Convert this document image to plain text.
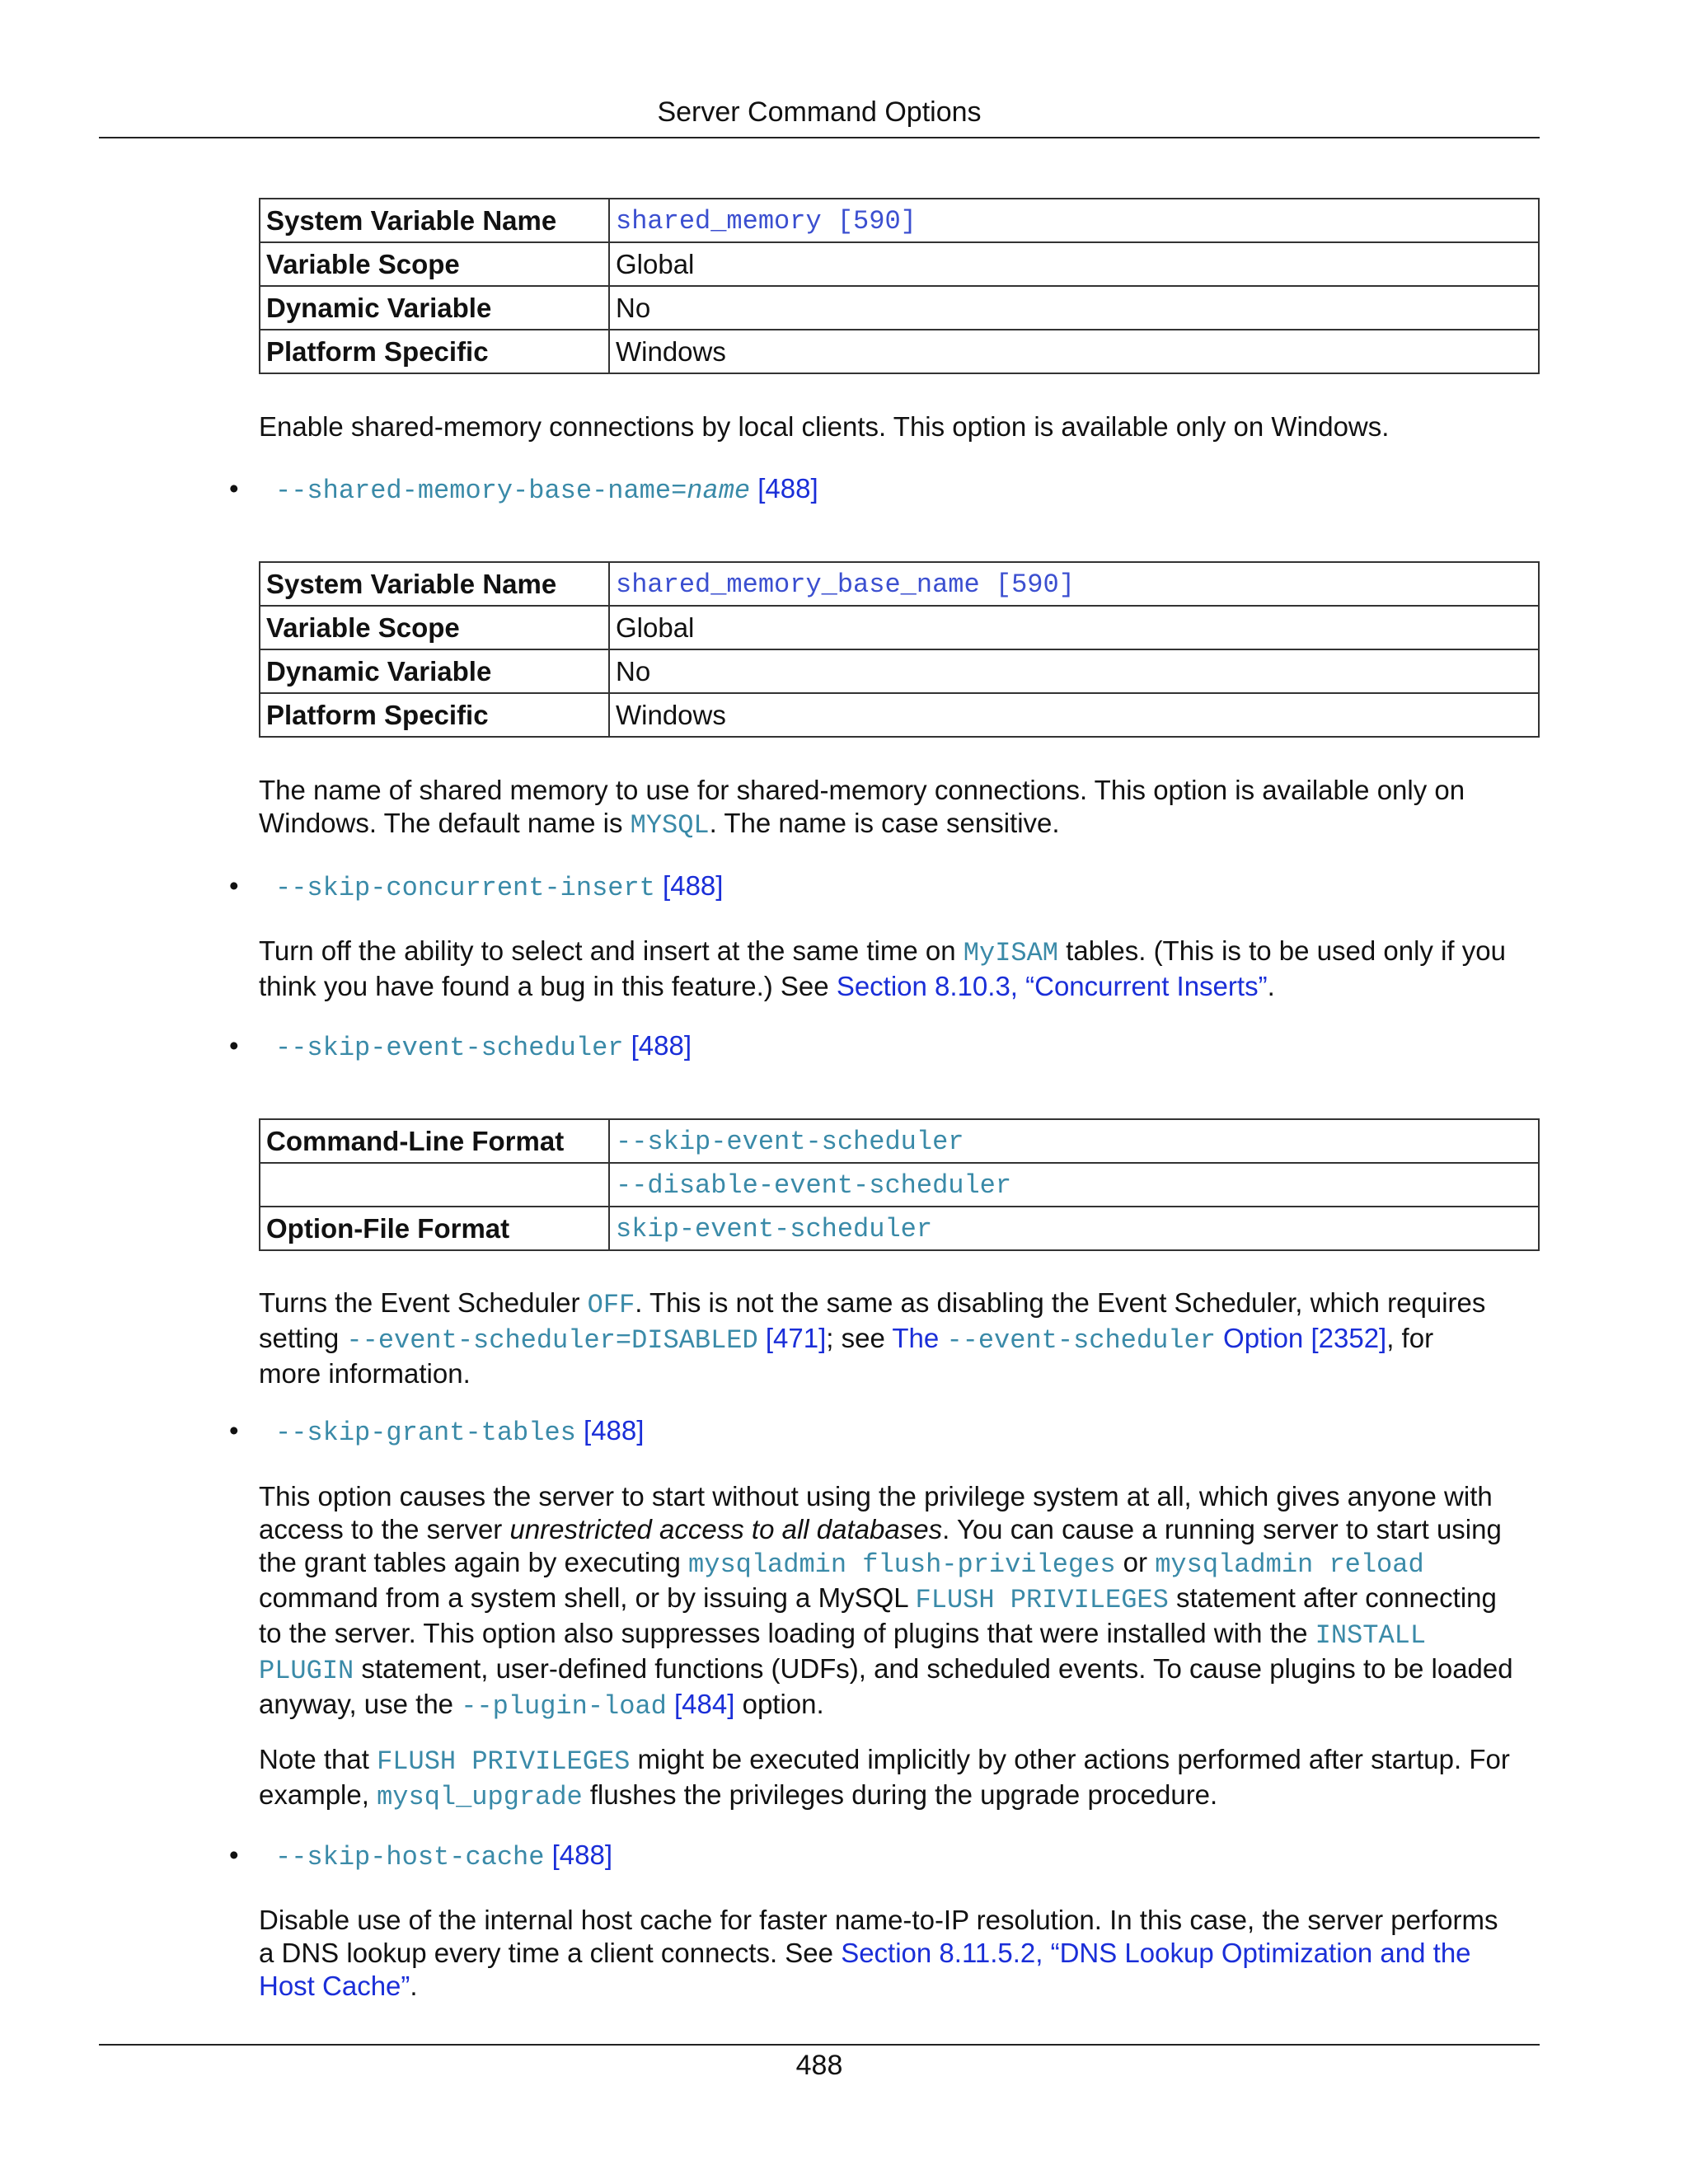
Server Command Options
System Variable Name	shared_memory [590]
Variable Scope	Global
Dynamic Variable	No
Platform Specific	Windows
Enable shared-memory connections by local clients. This option is available only on Windows.
• --shared-memory-base-name=name [488]
System Variable Name	shared_memory_base_name [590]
Variable Scope	Global
Dynamic Variable	No
Platform Specific	Windows
The name of shared memory to use for shared-memory connections. This option is available only on
Windows. The default name is MYSQL. The name is case sensitive.
• --skip-concurrent-insert [488]
Turn off the ability to select and insert at the same time on MyISAM tables. (This is to be used only if you
think you have found a bug in this feature.) See Section 8.10.3, “Concurrent Inserts”.
• --skip-event-scheduler [488]
Command-Line Format	--skip-event-scheduler
	--disable-event-scheduler
Option-File Format	skip-event-scheduler
Turns the Event Scheduler OFF. This is not the same as disabling the Event Scheduler, which requires
setting --event-scheduler=DISABLED [471]; see The --event-scheduler Option [2352], for
more information.
• --skip-grant-tables [488]
This option causes the server to start without using the privilege system at all, which gives anyone with
access to the server unrestricted access to all databases. You can cause a running server to start using
the grant tables again by executing mysqladmin flush-privileges or mysqladmin reload
command from a system shell, or by issuing a MySQL FLUSH PRIVILEGES statement after connecting
to the server. This option also suppresses loading of plugins that were installed with the INSTALL
PLUGIN statement, user-defined functions (UDFs), and scheduled events. To cause plugins to be loaded
anyway, use the --plugin-load [484] option.
Note that FLUSH PRIVILEGES might be executed implicitly by other actions performed after startup. For
example, mysql_upgrade flushes the privileges during the upgrade procedure.
• --skip-host-cache [488]
Disable use of the internal host cache for faster name-to-IP resolution. In this case, the server performs
a DNS lookup every time a client connects. See Section 8.11.5.2, “DNS Lookup Optimization and the
Host Cache”.
488
